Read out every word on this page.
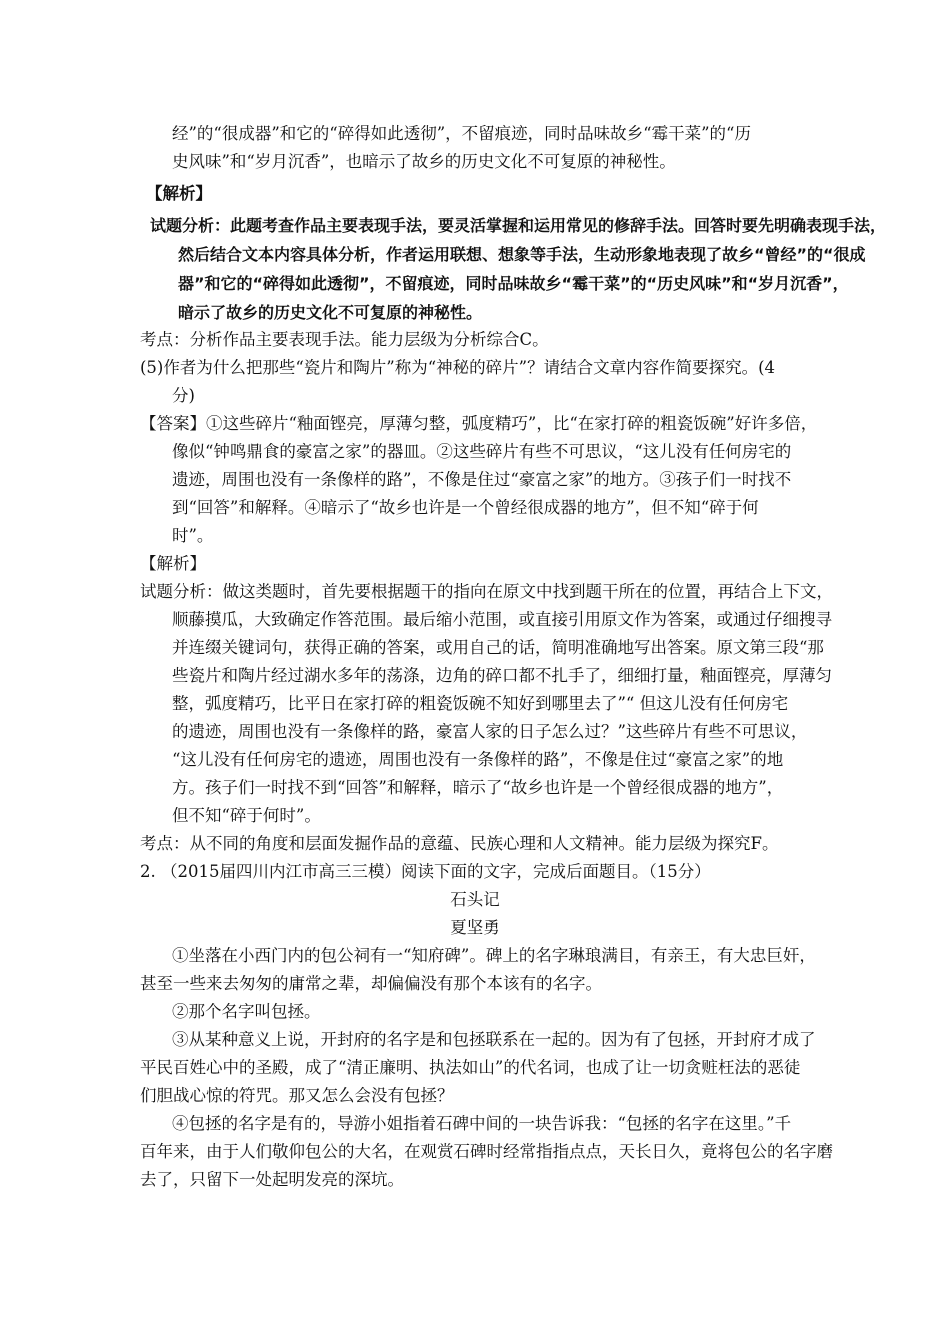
经”的“很成器”和它的“碎得如此透彻”，不留痕迹，同时品味故乡“霉干菜”的“历
史风味”和“岁月沉香”，也暗示了故乡的历史文化不可复原的神秘性。
【解析】
试题分析：此题考查作品主要表现手法，要灵活掌握和运用常见的修辞手法。回答时要先明确表现手法，
然后结合文本内容具体分析，作者运用联想、想象等手法，生动形象地表现了故乡“曾经”的“很成
器”和它的“碎得如此透彻”，不留痕迹，同时品味故乡“霉干菜”的“历史风味”和“岁月沉香”，
暗示了故乡的历史文化不可复原的神秘性。
考点：分析作品主要表现手法。能力层级为分析综合C。
(5)作者为什么把那些“瓷片和陶片”称为“神秘的碎片”？请结合文章内容作简要探究。(4
分)
【答案】①这些碎片“釉面铿亮，厚薄匀整，弧度精巧”，比“在家打碎的粗瓷饭碗”好许多倍，
像似“钟鸣鼎食的豪富之家”的器皿。②这些碎片有些不可思议，“这儿没有任何房宅的
遗迹，周围也没有一条像样的路”，不像是住过“豪富之家”的地方。③孩子们一时找不
到“回答”和解释。④暗示了“故乡也许是一个曾经很成器的地方”，但不知“碎于何
时”。
【解析】
试题分析：做这类题时，首先要根据题干的指向在原文中找到题干所在的位置，再结合上下文，
顺藤摸瓜，大致确定作答范围。最后缩小范围，或直接引用原文作为答案，或通过仔细搜寻
并连缀关键词句，获得正确的答案，或用自己的话，简明准确地写出答案。原文第三段“那
些瓷片和陶片经过湖水多年的荡涤，边角的碎口都不扎手了，细细打量，釉面铿亮，厚薄匀
整，弧度精巧，比平日在家打碎的粗瓷饭碗不知好到哪里去了”“ 但这儿没有任何房宅
的遗迹，周围也没有一条像样的路，豪富人家的日子怎么过？”这些碎片有些不可思议，
“这儿没有任何房宅的遗迹，周围也没有一条像样的路”，不像是住过“豪富之家”的地
方。孩子们一时找不到“回答”和解释，暗示了“故乡也许是一个曾经很成器的地方”，
但不知“碎于何时”。
考点：从不同的角度和层面发掘作品的意蕴、民族心理和人文精神。能力层级为探究F。
2. （2015届四川内江市高三三模）阅读下面的文字，完成后面题目。（15分）
石头记
夏坚勇
①坐落在小西门内的包公祠有一“知府碑”。碑上的名字琳琅满目，有亲王，有大忠巨奸，
甚至一些来去匆匆的庸常之辈，却偏偏没有那个本该有的名字。
②那个名字叫包拯。
③从某种意义上说，开封府的名字是和包拯联系在一起的。因为有了包拯，开封府才成了
平民百姓心中的圣殿，成了“清正廉明、执法如山”的代名词，也成了让一切贪赃枉法的恶徒
们胆战心惊的符咒。那又怎么会没有包拯？
④包拯的名字是有的，导游小姐指着石碑中间的一块告诉我：“包拯的名字在这里。”千
百年来，由于人们敬仰包公的大名，在观赏石碑时经常指指点点，天长日久，竟将包公的名字磨
去了，只留下一处起明发亮的深坑。
